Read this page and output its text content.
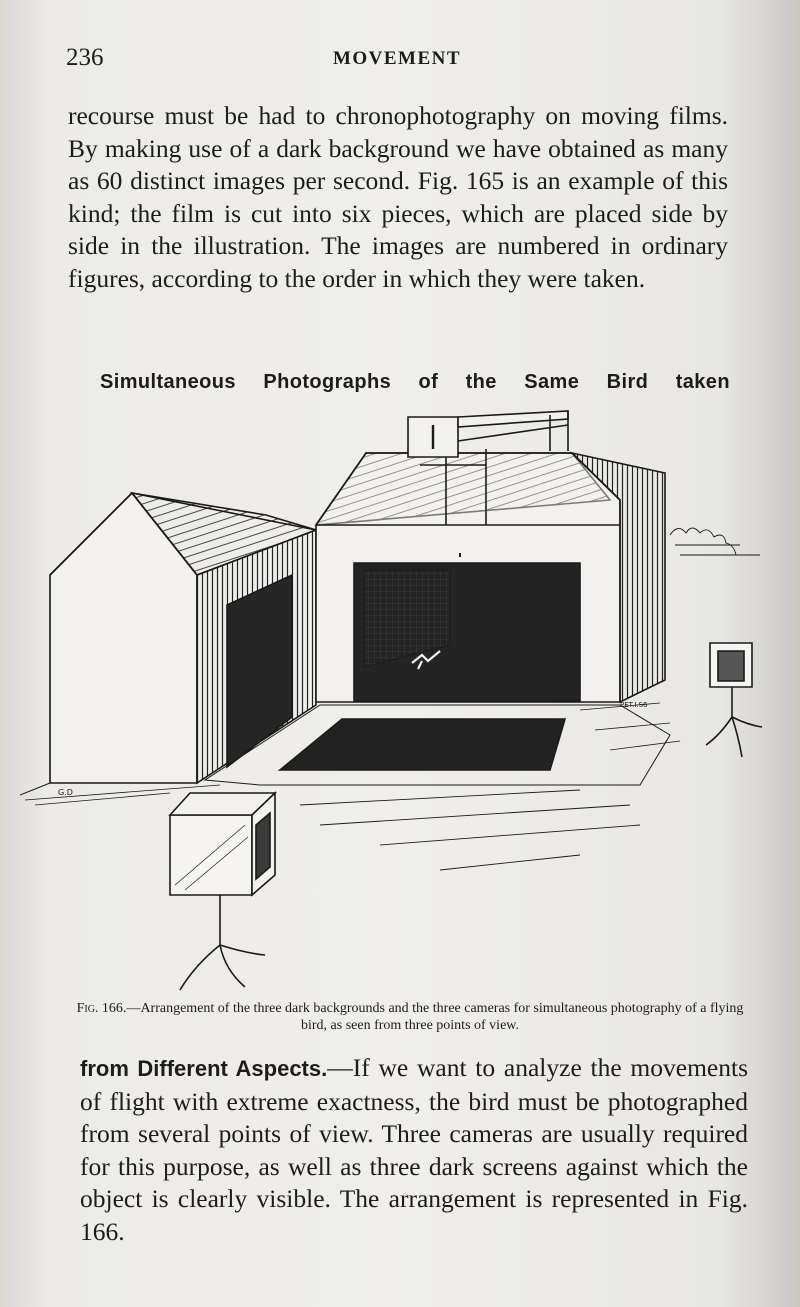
236	MOVEMENT

recourse must be had to chronophotography on moving films. By making use of a dark background we have obtained as many as 60 distinct images per second. Fig. 165 is an example of this kind; the film is cut into six pieces, which are placed side by side in the illustration. The images are numbered in ordinary figures, according to the order in which they were taken.

Simultaneous Photographs of the Same Bird taken
G.D
PET.I.S6
Fig. 166.—Arrangement of the three dark backgrounds and the three cameras for simultaneous photography of a flying bird, as seen from three points of view.

from Different Aspects.—If we want to analyze the movements of flight with extreme exactness, the bird must be photographed from several points of view. Three cameras are usually required for this purpose, as well as three dark screens against which the object is clearly visible. The arrangement is represented in Fig. 166.
